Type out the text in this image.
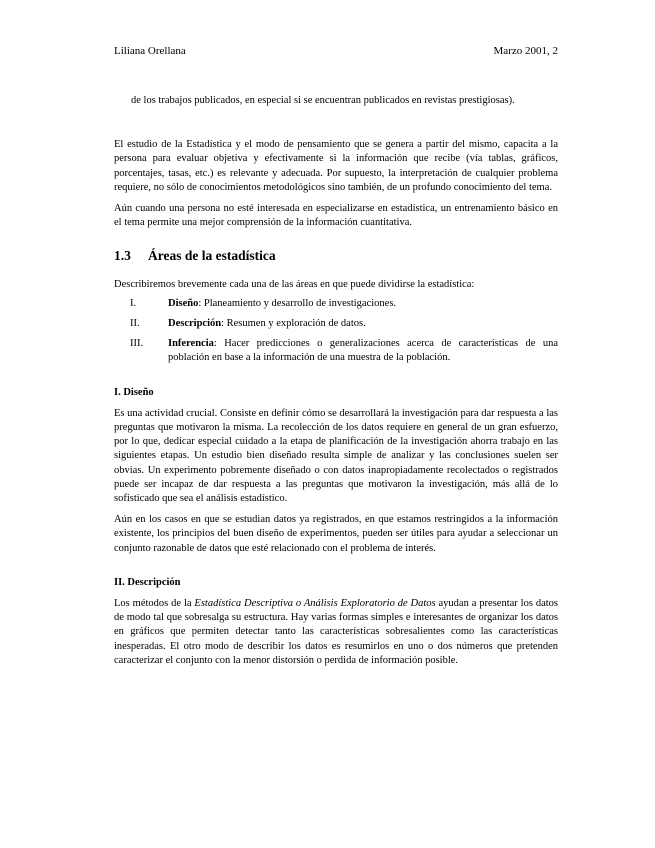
Liliana Orellana	Marzo 2001, 2

de los trabajos publicados, en especial si se encuentran publicados en revistas prestigiosas).

El estudio de la Estadística y el modo de pensamiento que se genera a partir del mismo, capacita a la persona para evaluar objetiva y efectivamente si la información que recibe (vía tablas, gráficos, porcentajes, tasas, etc.) es relevante y adecuada. Por supuesto, la interpretación de cualquier problema requiere, no sólo de conocimientos metodológicos sino también, de un profundo conocimiento del tema.

Aún cuando una persona no esté interesada en especializarse en estadística, un entrenamiento básico en el tema permite una mejor comprensión de la información cuantitativa.

1.3 Áreas de la estadística

Describiremos brevemente cada una de las áreas en que puede dividirse la estadística:

I.	Diseño: Planeamiento y desarrollo de investigaciones.
II.	Descripción: Resumen y exploración de datos.
III.	Inferencia: Hacer predicciones o generalizaciones acerca de características de una población en base a la información de una muestra de la población.
I. Diseño

Es una actividad crucial. Consiste en definir cómo se desarrollará la investigación para dar respuesta a las preguntas que motivaron la misma. La recolección de los datos requiere en general de un gran esfuerzo, por lo que, dedicar especial cuidado a la etapa de planificación de la investigación ahorra trabajo en las siguientes etapas. Un estudio bien diseñado resulta simple de analizar y las conclusiones suelen ser obvias. Un experimento pobremente diseñado o con datos inapropiadamente recolectados o registrados puede ser incapaz de dar respuesta a las preguntas que motivaron la investigación, más allá de lo sofisticado que sea el análisis estadístico.

Aún en los casos en que se estudian datos ya registrados, en que estamos restringidos a la información existente, los principios del buen diseño de experimentos, pueden ser útiles para ayudar a seleccionar un conjunto razonable de datos que esté relacionado con el problema de interés.

II. Descripción

Los métodos de la Estadística Descriptiva o Análisis Exploratorio de Datos ayudan a presentar los datos de modo tal que sobresalga su estructura. Hay varias formas simples e interesantes de organizar los datos en gráficos que permiten detectar tanto las características sobresalientes como las características inesperadas. El otro modo de describir los datos es resumirlos en uno o dos números que pretenden caracterizar el conjunto con la menor distorsión o perdida de información posible.
